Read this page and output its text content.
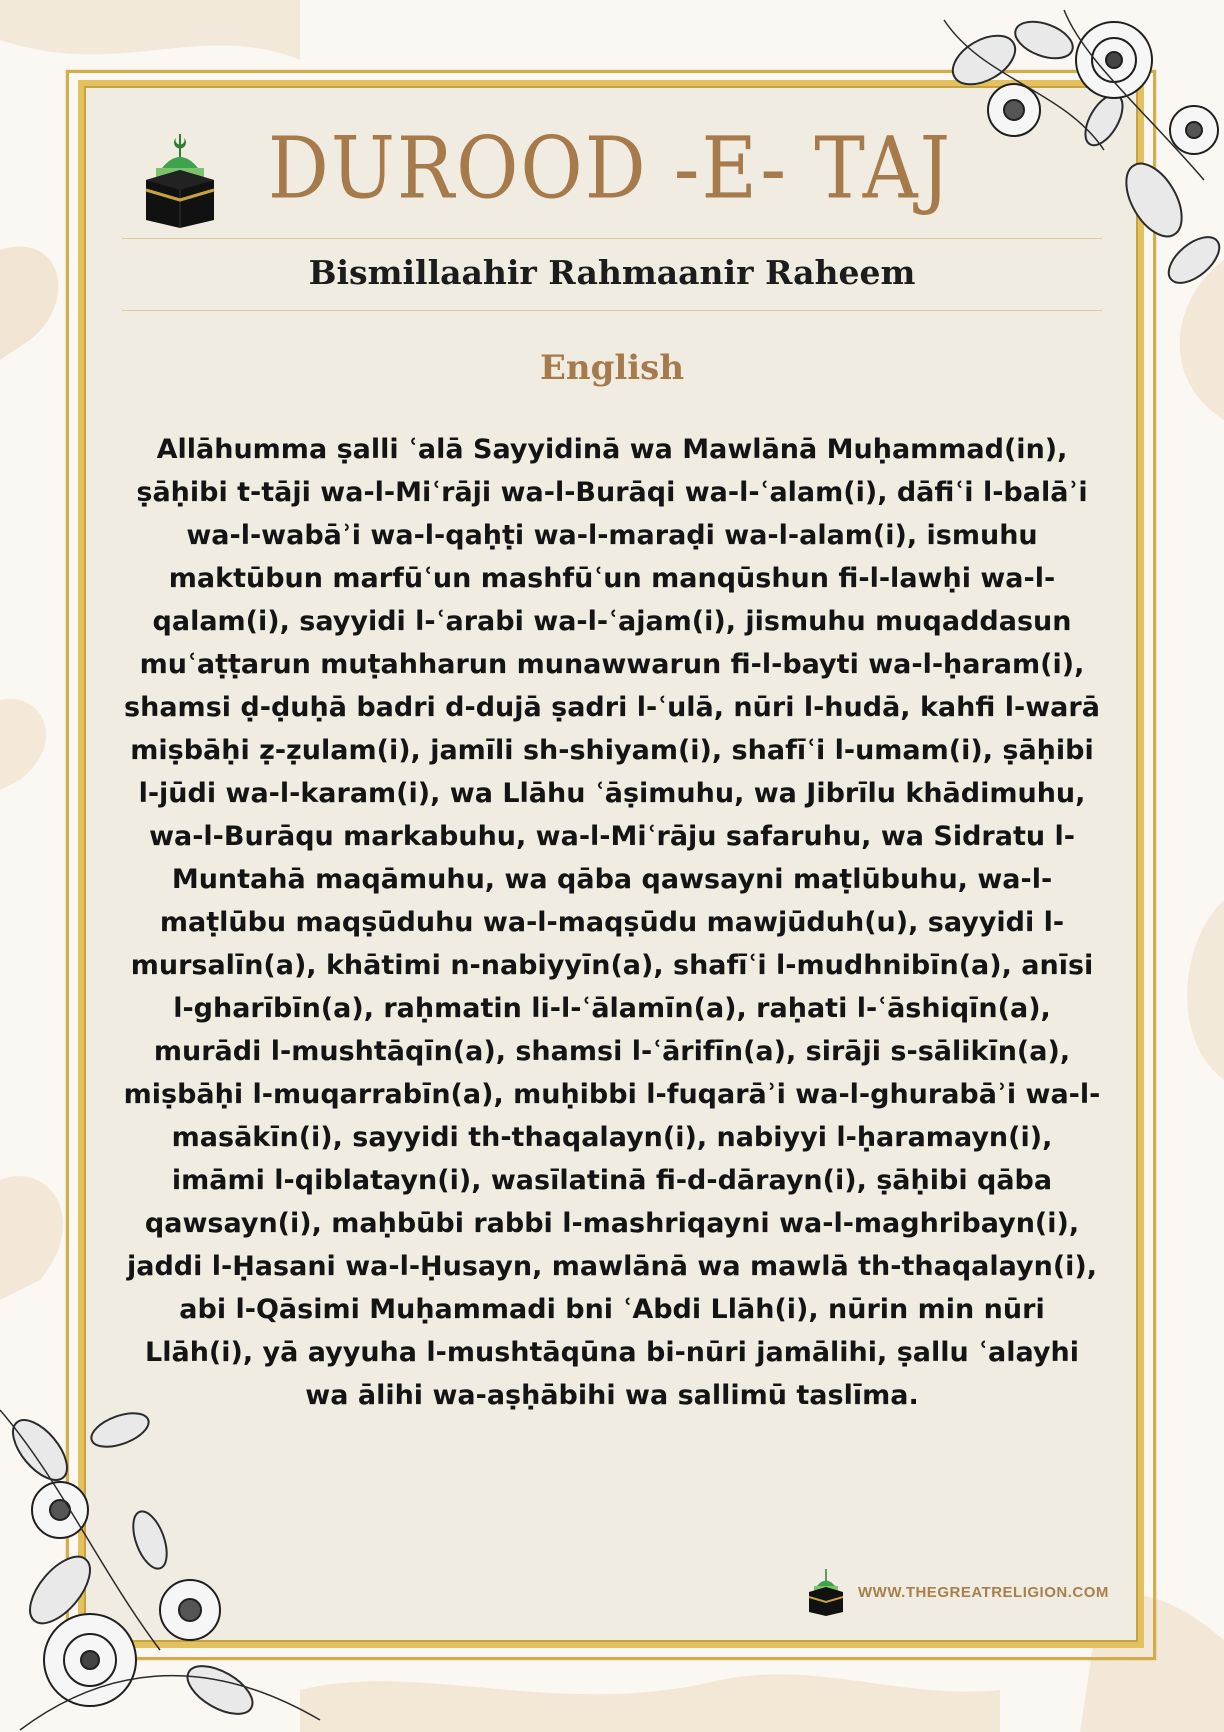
DUROOD -E- TAJ
Bismillaahir Rahmaanir Raheem
English

Allāhumma ṣalli ʿalā Sayyidinā wa Mawlānā Muḥammad(in), ṣāḥibi t-tāji wa-l-Miʿrāji wa-l-Burāqi wa-l-ʿalam(i), dāfiʿi l-balāʾi wa-l-wabāʾi wa-l-qaḥṭi wa-l-maraḍi wa-l-alam(i), ismuhu maktūbun marfūʿun mashfūʿun manqūshun fi-l-lawḥi wa-l-qalam(i), sayyidi l-ʿarabi wa-l-ʿajam(i), jismuhu muqaddasun muʿaṭṭarun muṭahharun munawwarun fi-l-bayti wa-l-ḥaram(i), shamsi ḍ-ḍuḥā badri d-dujā ṣadri l-ʿulā, nūri l-hudā, kahfi l-warā miṣbāḥi ẓ-ẓulam(i), jamīli sh-shiyam(i), shafīʿi l-umam(i), ṣāḥibi l-jūdi wa-l-karam(i), wa Llāhu ʿāṣimuhu, wa Jibrīlu khādimuhu, wa-l-Burāqu markabuhu, wa-l-Miʿrāju safaruhu, wa Sidratu l-Muntahā maqāmuhu, wa qāba qawsayni maṭlūbuhu, wa-l-maṭlūbu maqṣūduhu wa-l-maqṣūdu mawjūduh(u), sayyidi l-mursalīn(a), khātimi n-nabiyyīn(a), shafīʿi l-mudhnibīn(a), anīsi l-gharībīn(a), raḥmatin li-l-ʿālamīn(a), raḥati l-ʿāshiqīn(a), murādi l-mushtāqīn(a), shamsi l-ʿārifīn(a), sirāji s-sālikīn(a), miṣbāḥi l-muqarrabīn(a), muḥibbi l-fuqarāʾi wa-l-ghurabāʾi wa-l-masākīn(i), sayyidi th-thaqalayn(i), nabiyyi l-ḥaramayn(i), imāmi l-qiblatayn(i), wasīlatinā fi-d-dārayn(i), ṣāḥibi qāba qawsayn(i), maḥbūbi rabbi l-mashriqayni wa-l-maghribayn(i), jaddi l-Ḥasani wa-l-Ḥusayn, mawlānā wa mawlā th-thaqalayn(i), abi l-Qāsimi Muḥammadi bni ʿAbdi Llāh(i), nūrin min nūri Llāh(i), yā ayyuha l-mushtāqūna bi-nūri jamālihi, ṣallu ʿalayhi wa ālihi wa-aṣḥābihi wa sallimū taslīma.

WWW.THEGREATRELIGION.COM
